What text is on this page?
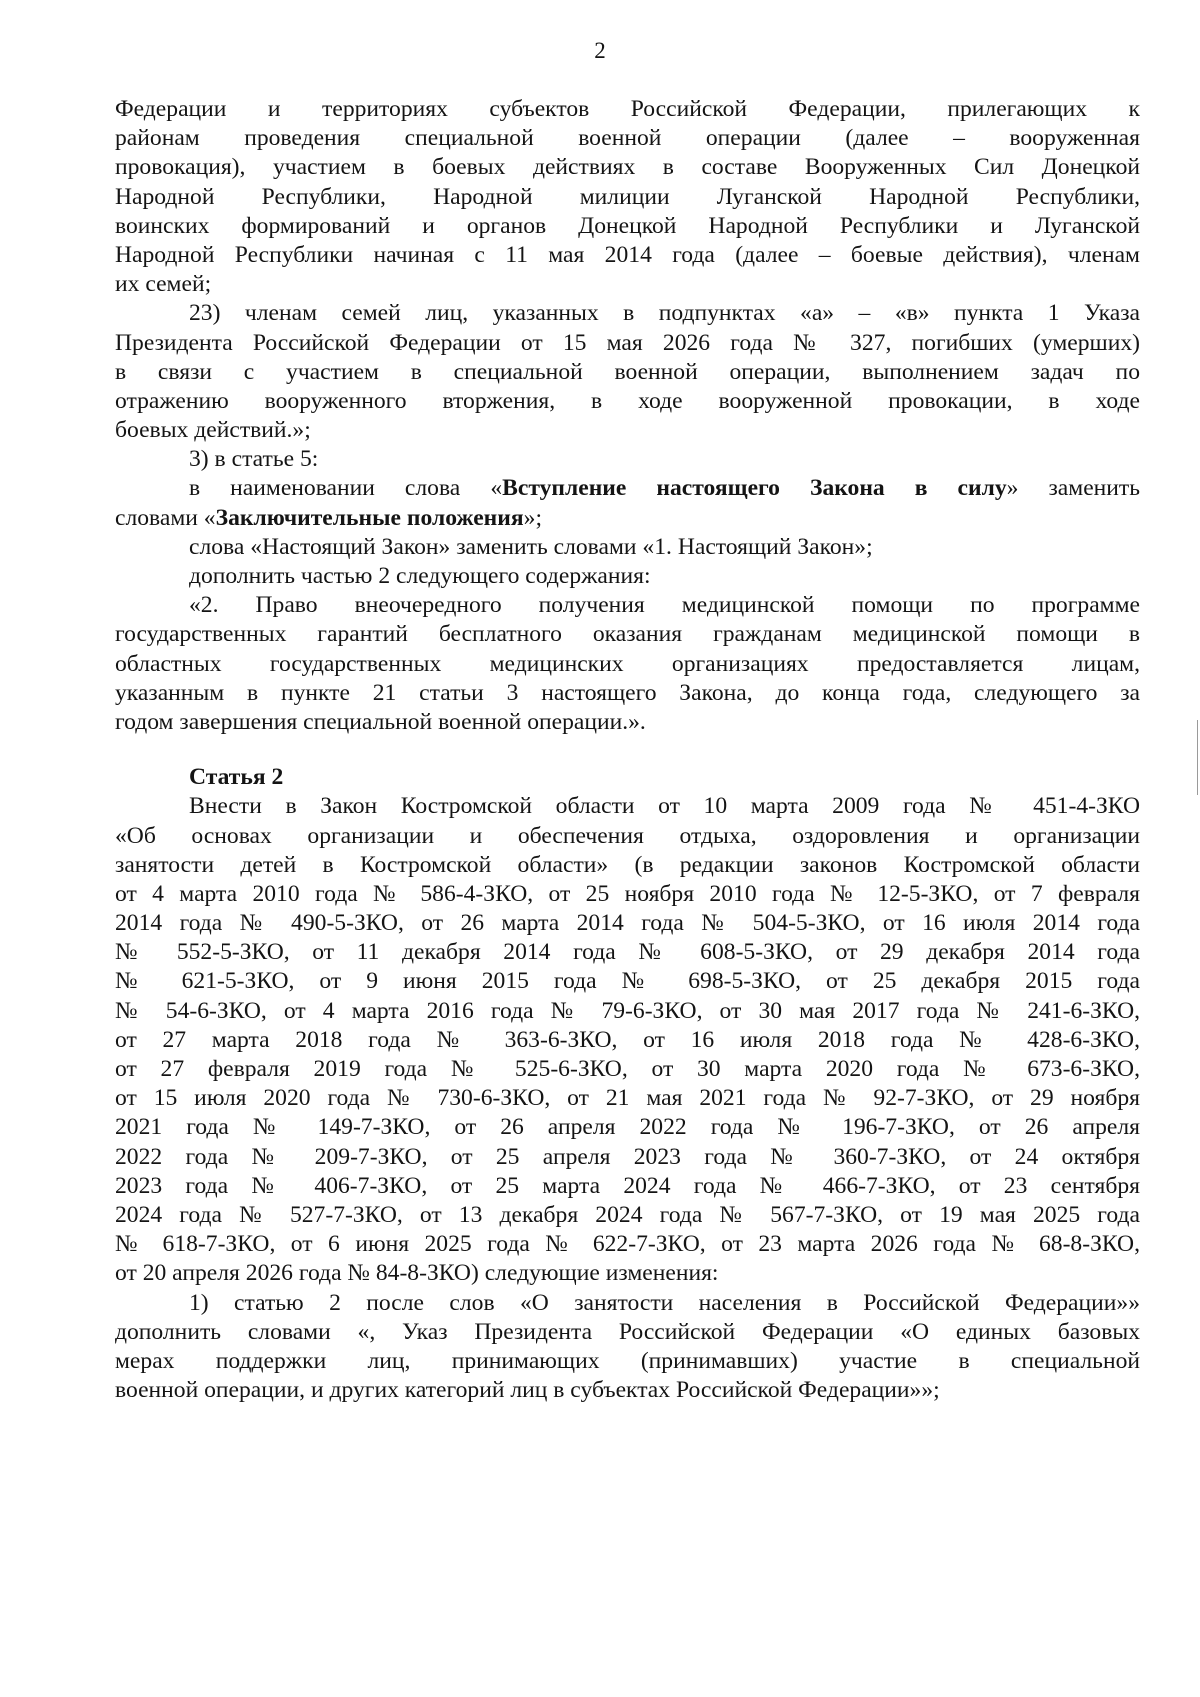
2
Федерации и территориях субъектов Российской Федерации, прилегающих к
районам проведения специальной военной операции (далее – вооруженная
провокация), участием в боевых действиях в составе Вооруженных Сил Донецкой
Народной Республики, Народной милиции Луганской Народной Республики,
воинских формирований и органов Донецкой Народной Республики и Луганской
Народной Республики начиная с 11 мая 2014 года (далее – боевые действия), членам
их семей;
23) членам семей лиц, указанных в подпунктах «а» – «в» пункта 1 Указа
Президента Российской Федерации от 15 мая 2026 года № 327, погибших (умерших)
в связи с участием в специальной военной операции, выполнением задач по
отражению вооруженного вторжения, в ходе вооруженной провокации, в ходе
боевых действий.»;
3) в статье 5:
в наименовании слова «Вступление настоящего Закона в силу» заменить
словами «Заключительные положения»;
слова «Настоящий Закон» заменить словами «1. Настоящий Закон»;
дополнить частью 2 следующего содержания:
«2. Право внеочередного получения медицинской помощи по программе
государственных гарантий бесплатного оказания гражданам медицинской помощи в
областных государственных медицинских организациях предоставляется лицам,
указанным в пункте 21 статьи 3 настоящего Закона, до конца года, следующего за
годом завершения специальной военной операции.».
Статья 2
Внести в Закон Костромской области от 10 марта 2009 года № 451-4-ЗКО
«Об основах организации и обеспечения отдыха, оздоровления и организации
занятости детей в Костромской области» (в редакции законов Костромской области
от 4 марта 2010 года № 586-4-ЗКО, от 25 ноября 2010 года № 12-5-ЗКО, от 7 февраля
2014 года № 490-5-ЗКО, от 26 марта 2014 года № 504-5-ЗКО, от 16 июля 2014 года
№ 552-5-ЗКО, от 11 декабря 2014 года № 608-5-ЗКО, от 29 декабря 2014 года
№ 621-5-ЗКО, от 9 июня 2015 года № 698-5-ЗКО, от 25 декабря 2015 года
№ 54-6-ЗКО, от 4 марта 2016 года № 79-6-ЗКО, от 30 мая 2017 года № 241-6-ЗКО,
от 27 марта 2018 года № 363-6-ЗКО, от 16 июля 2018 года № 428-6-ЗКО,
от 27 февраля 2019 года № 525-6-ЗКО, от 30 марта 2020 года № 673-6-ЗКО,
от 15 июля 2020 года № 730-6-ЗКО, от 21 мая 2021 года № 92-7-ЗКО, от 29 ноября
2021 года № 149-7-ЗКО, от 26 апреля 2022 года № 196-7-ЗКО, от 26 апреля
2022 года № 209-7-ЗКО, от 25 апреля 2023 года № 360-7-ЗКО, от 24 октября
2023 года № 406-7-ЗКО, от 25 марта 2024 года № 466-7-ЗКО, от 23 сентября
2024 года № 527-7-ЗКО, от 13 декабря 2024 года № 567-7-ЗКО, от 19 мая 2025 года
№ 618-7-ЗКО, от 6 июня 2025 года № 622-7-ЗКО, от 23 марта 2026 года № 68-8-ЗКО,
от 20 апреля 2026 года № 84-8-ЗКО) следующие изменения:
1) статью 2 после слов «О занятости населения в Российской Федерации»»
дополнить словами «, Указ Президента Российской Федерации «О единых базовых
мерах поддержки лиц, принимающих (принимавших) участие в специальной
военной операции, и других категорий лиц в субъектах Российской Федерации»»;
